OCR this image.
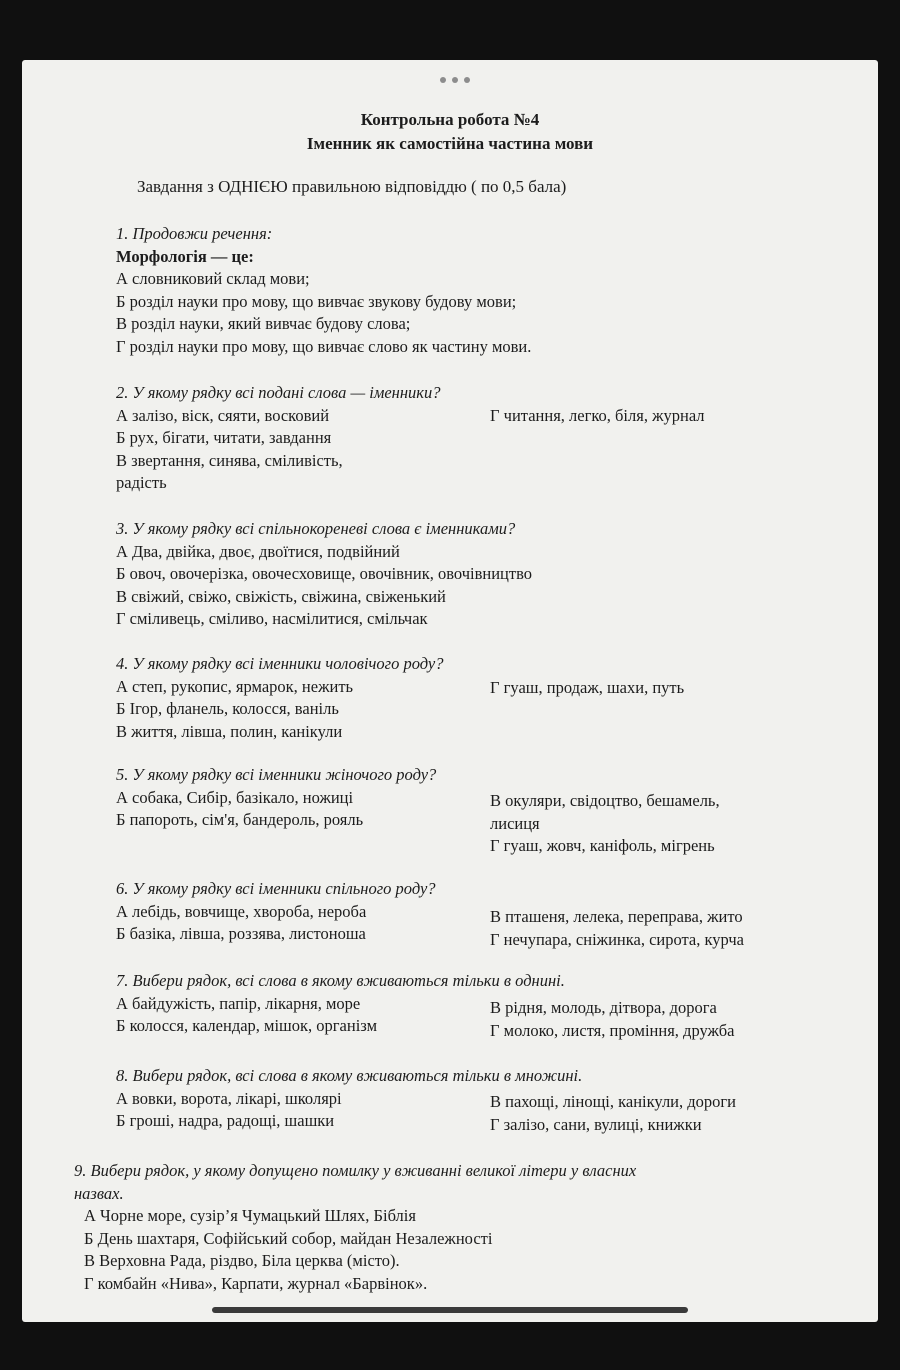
Контрольна робота №4
Іменник як самостійна частина мови
Завдання з ОДНІЄЮ правильною відповіддю ( по 0,5 бала)
1. Продовжи речення:
Морфологія — це:
А словниковий склад мови;
Б розділ науки про мову, що вивчає звукову будову мови;
В розділ науки, який вивчає будову слова;
Г розділ науки про мову, що вивчає слово як частину мови.
2. У якому рядку всі подані слова — іменники?
А залізо, віск, сяяти, восковий
Б рух, бігати, читати, завдання
В звертання, синява, сміливість,
радість
Г читання, легко, біля, журнал
3. У якому рядку всі спільнокореневі слова є іменниками?
А Два, двійка, двоє, двоїтися, подвійний
Б овоч, овочерізка, овочесховище, овочівник, овочівництво
В свіжий, свіжо, свіжість, свіжина, свіженький
Г сміливець, сміливо, насмілитися, смільчак
4. У якому рядку всі іменники чоловічого роду?
А степ, рукопис, ярмарок, нежить
Б Ігор, фланель, колосся, ваніль
В життя, лівша, полин, канікули
Г гуаш, продаж, шахи, путь
5. У якому рядку всі іменники жіночого роду?
А собака, Сибір, базікало, ножиці
Б папороть, сім'я, бандероль, рояль
В окуляри, свідоцтво, бешамель,
лисиця
Г гуаш, жовч, каніфоль, мігрень
6. У якому рядку всі іменники спільного роду?
А лебідь, вовчище, хвороба, нероба
Б базіка, лівша, роззява, листоноша
В пташеня, лелека, переправа, жито
Г нечупара, сніжинка, сирота, курча
7. Вибери рядок, всі слова в якому вживаються тільки в однині.
А байдужість, папір, лікарня, море
Б колосся, календар, мішок, організм
В рідня, молодь, дітвора, дорога
Г молоко, листя, проміння, дружба
8. Вибери рядок, всі слова в якому вживаються тільки в множині.
А вовки, ворота, лікарі, школярі
Б гроші, надра, радощі, шашки
В пахощі, лінощі, канікули, дороги
Г залізо, сани, вулиці, книжки
9. Вибери рядок, у якому допущено помилку у вживанні великої літери у власних
назвах.
А Чорне море, сузір’я Чумацький Шлях, Біблія
Б День шахтаря, Софійський собор, майдан Незалежності
В Верховна Рада, різдво, Біла церква (місто).
Г комбайн «Нива», Карпати, журнал «Барвінок».
